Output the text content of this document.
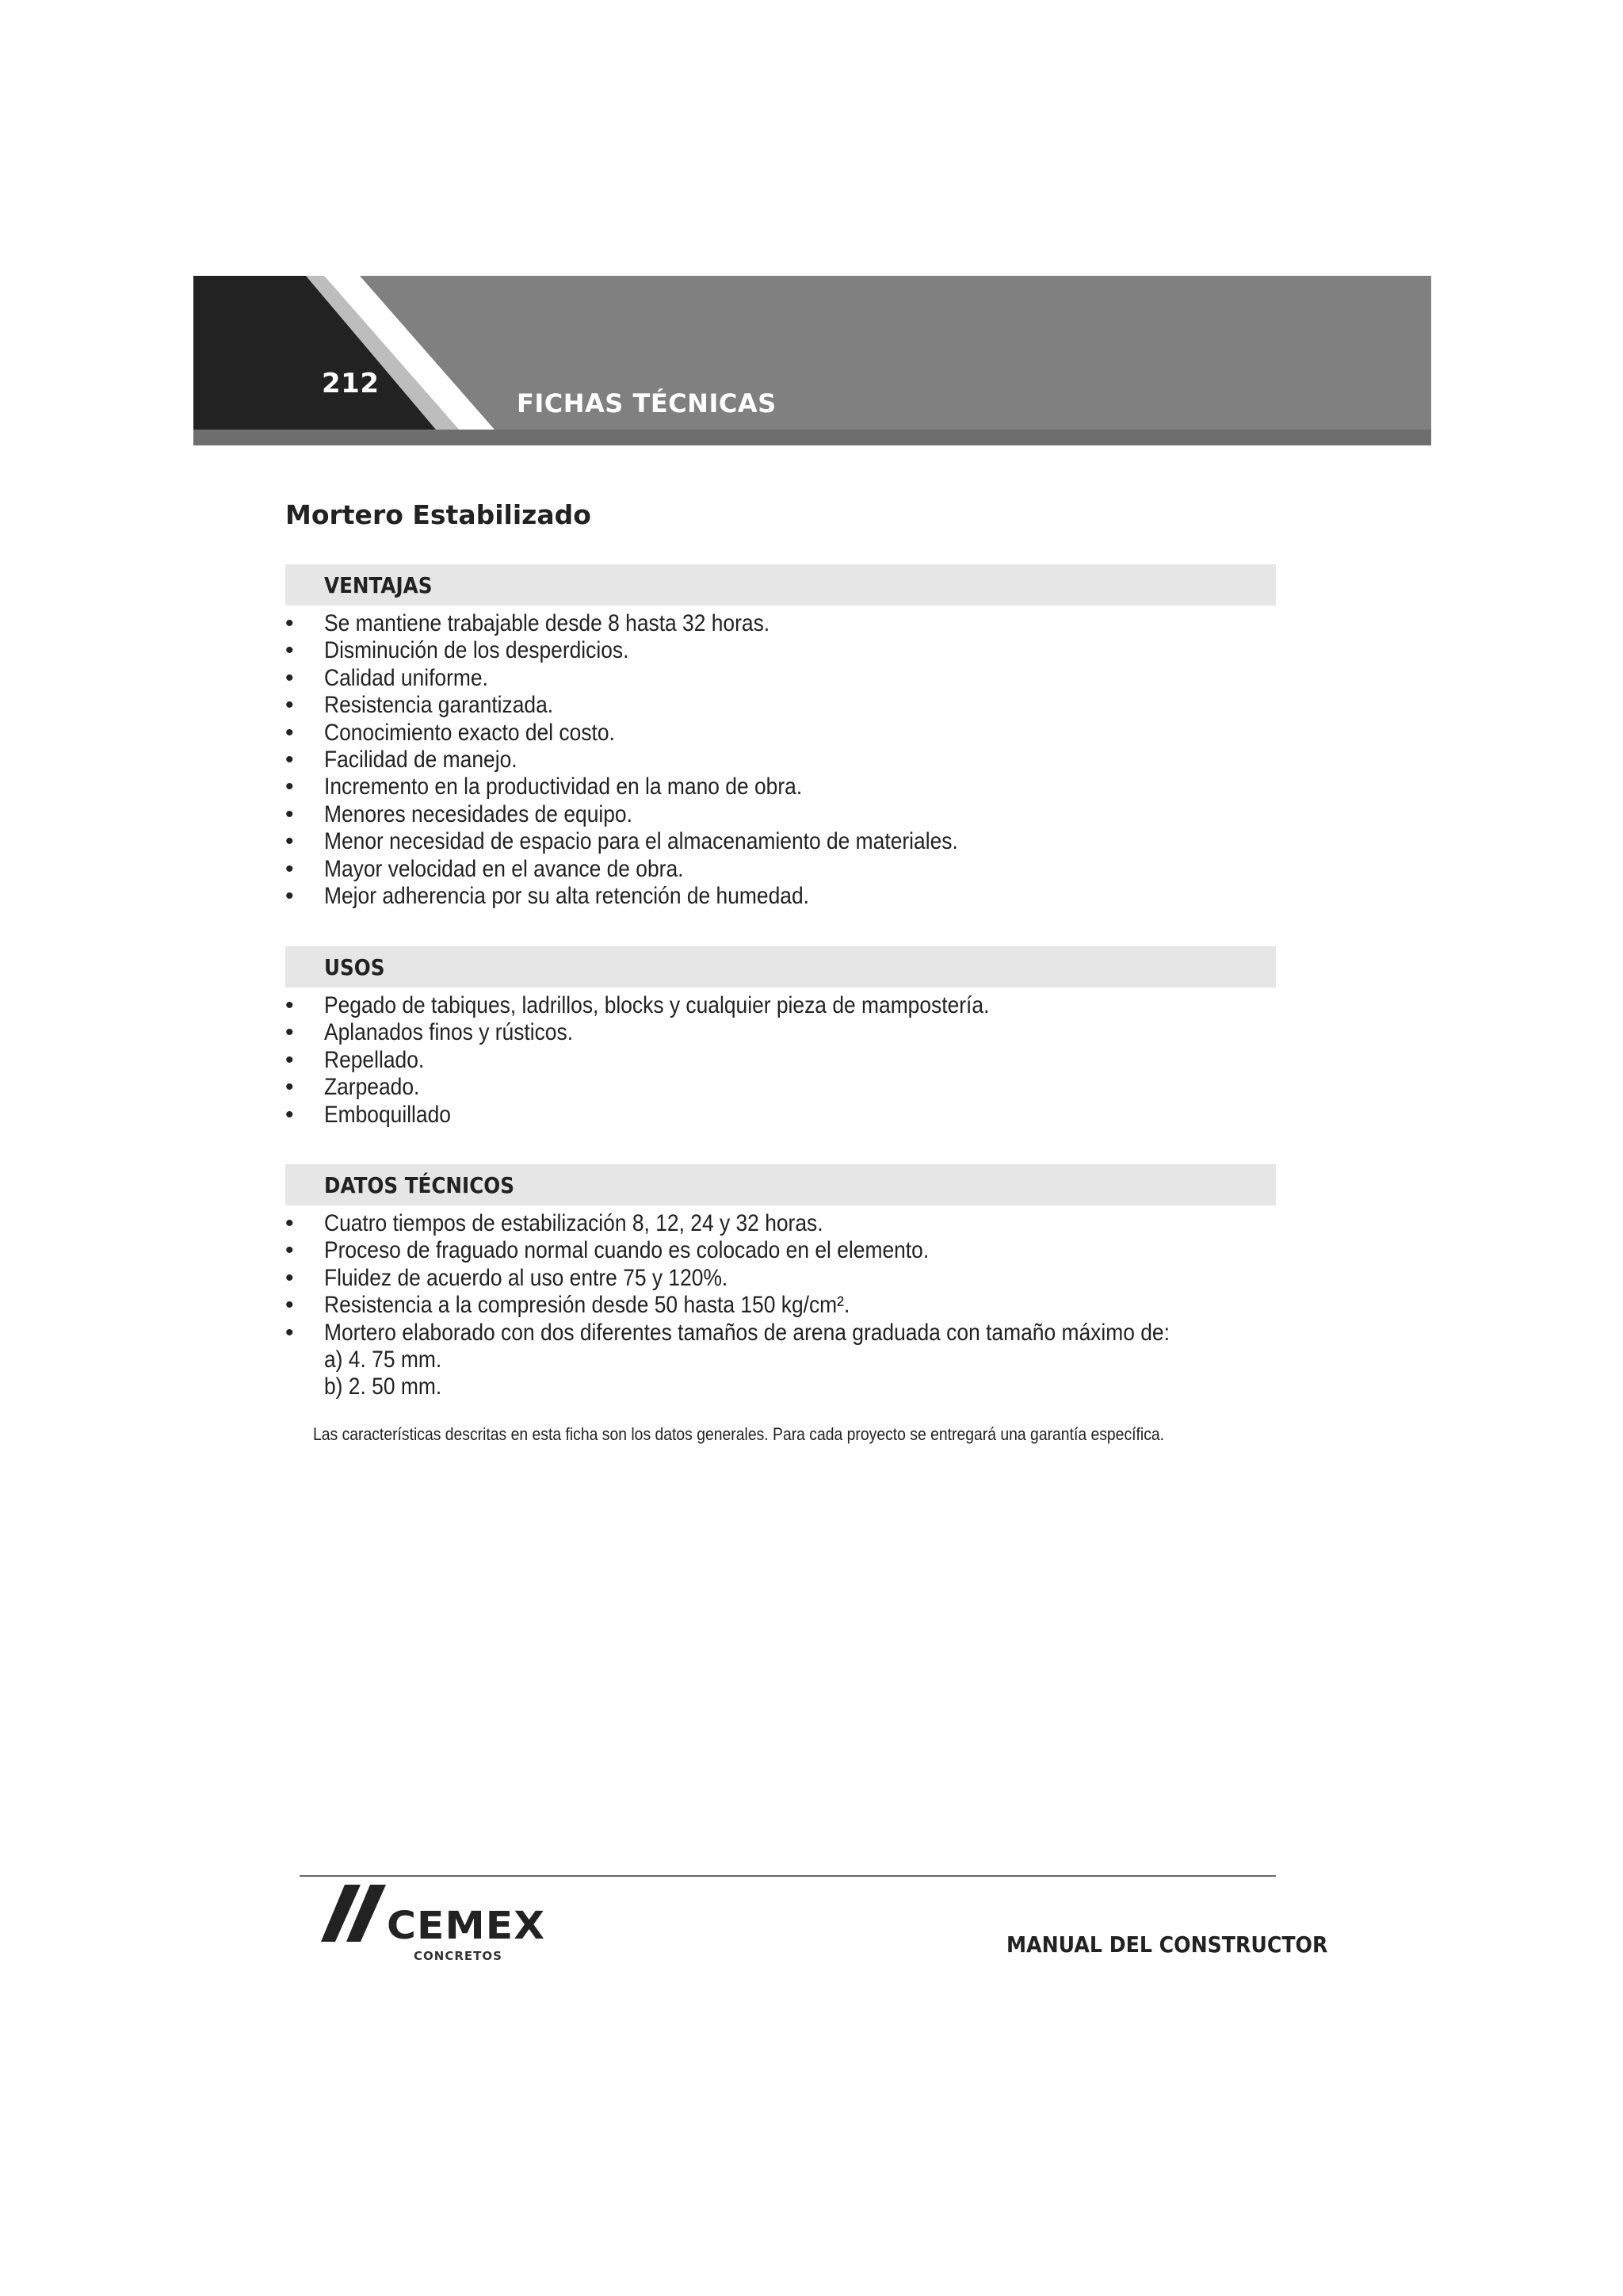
212
FICHAS TÉCNICAS
Mortero Estabilizado
VENTAJAS
• Se mantiene trabajable desde 8 hasta 32 horas.
• Disminución de los desperdicios.
• Calidad uniforme.
• Resistencia garantizada.
• Conocimiento exacto del costo.
• Facilidad de manejo.
• Incremento en la productividad en la mano de obra.
• Menores necesidades de equipo.
• Menor necesidad de espacio para el almacenamiento de materiales.
• Mayor velocidad en el avance de obra.
• Mejor adherencia por su alta retención de humedad.
USOS
• Pegado de tabiques, ladrillos, blocks y cualquier pieza de mampostería.
• Aplanados finos y rústicos.
• Repellado.
• Zarpeado.
• Emboquillado
DATOS TÉCNICOS
• Cuatro tiempos de estabilización 8, 12, 24 y 32 horas.
• Proceso de fraguado normal cuando es colocado en el elemento.
• Fluidez de acuerdo al uso entre 75 y 120%.
• Resistencia a la compresión desde 50 hasta 150 kg/cm².
• Mortero elaborado con dos diferentes tamaños de arena graduada con tamaño máximo de:
a) 4. 75 mm.
b) 2. 50 mm.
Las características descritas en esta ficha son los datos generales. Para cada proyecto se entregará una garantía específica.
CEMEX
CONCRETOS	MANUAL DEL CONSTRUCTOR
